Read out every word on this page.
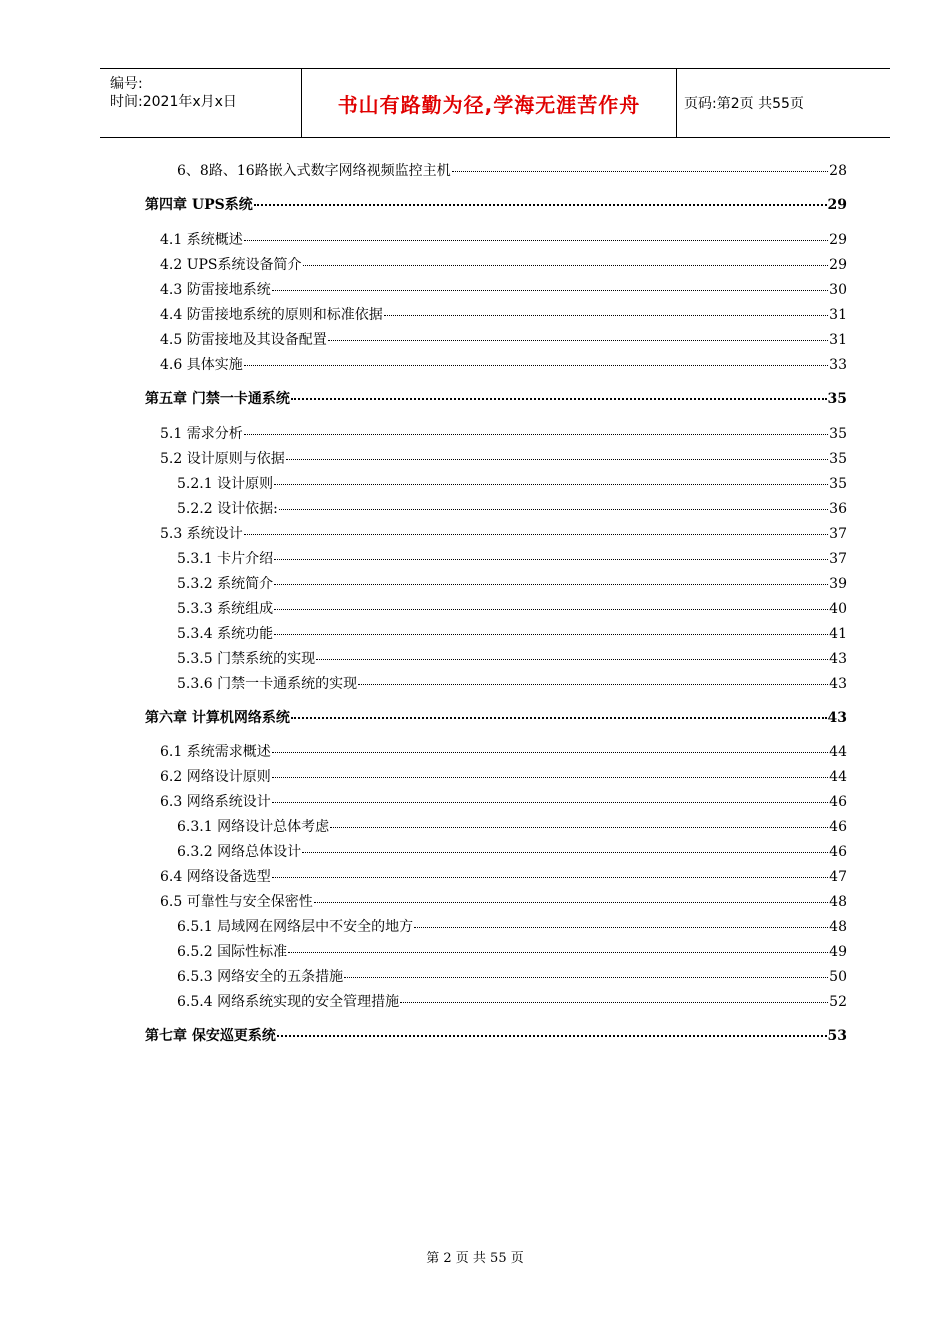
编号:
时间:2021年x月x日	书山有路勤为径,学海无涯苦作舟	页码:第2页 共55页
6、8路、16路嵌入式数字网络视频监控主机	28
第四章 UPS系统	29
4.1 系统概述	29
4.2 UPS系统设备简介	29
4.3 防雷接地系统	30
4.4 防雷接地系统的原则和标准依据	31
4.5 防雷接地及其设备配置	31
4.6 具体实施	33
第五章 门禁一卡通系统	35
5.1 需求分析	35
5.2 设计原则与依据	35
5.2.1 设计原则	35
5.2.2 设计依据:	36
5.3 系统设计	37
5.3.1 卡片介绍	37
5.3.2 系统简介	39
5.3.3 系统组成	40
5.3.4 系统功能	41
5.3.5 门禁系统的实现	43
5.3.6 门禁一卡通系统的实现	43
第六章 计算机网络系统	43
6.1 系统需求概述	44
6.2 网络设计原则	44
6.3 网络系统设计	46
6.3.1 网络设计总体考虑	46
6.3.2 网络总体设计	46
6.4 网络设备选型	47
6.5 可靠性与安全保密性	48
6.5.1 局域网在网络层中不安全的地方	48
6.5.2 国际性标准	49
6.5.3 网络安全的五条措施	50
6.5.4 网络系统实现的安全管理措施	52
第七章 保安巡更系统	53
第 2 页 共 55 页
